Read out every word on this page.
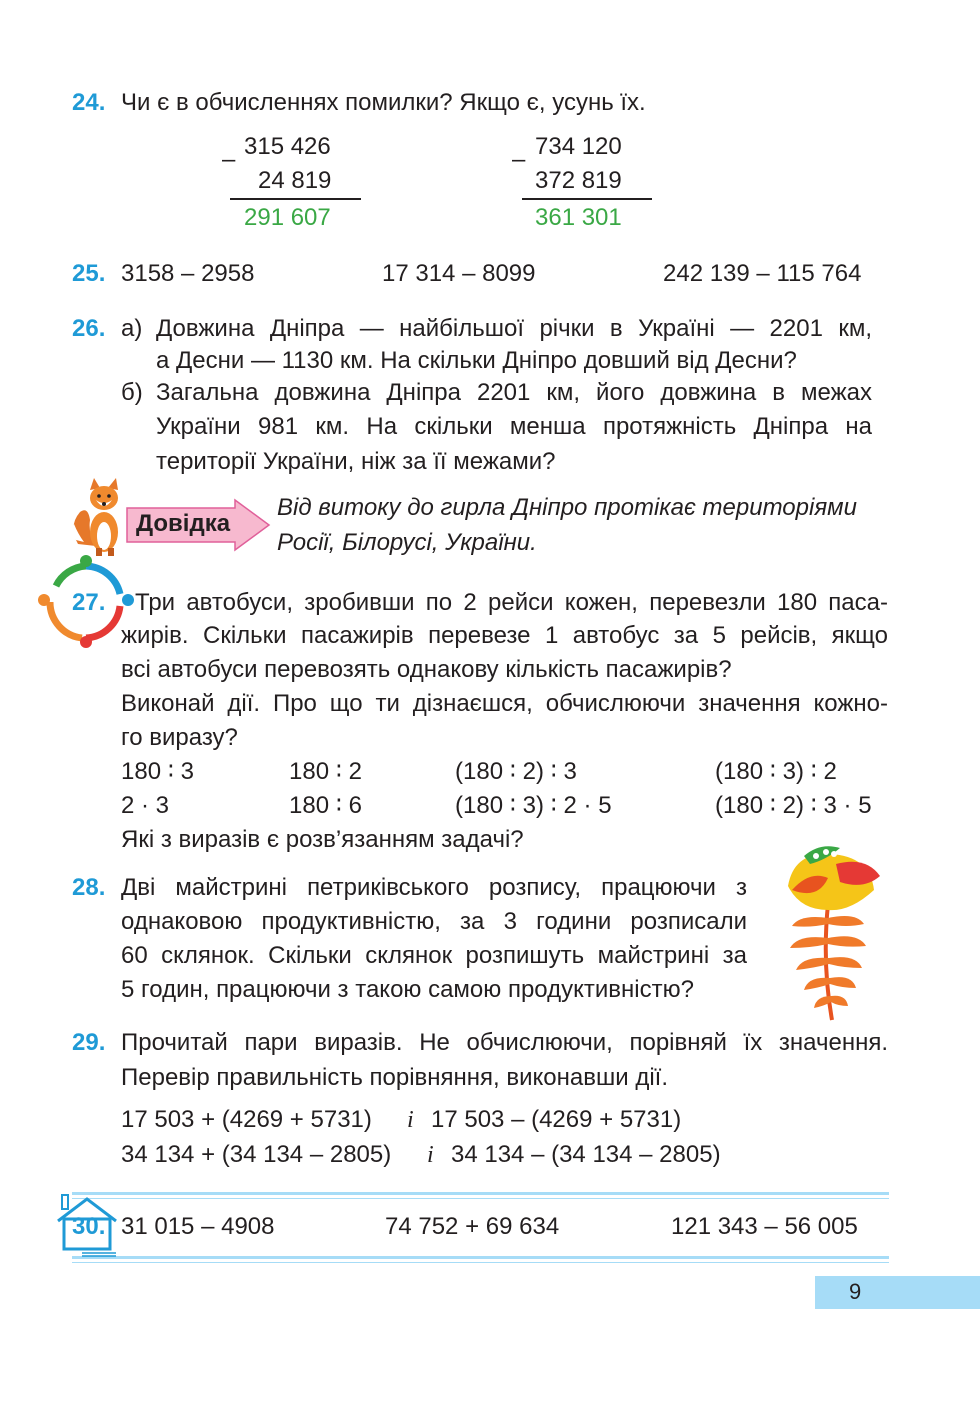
24. Чи є в обчисленнях помилки? Якщо є, усунь їх.
– 315 426
24 819
291 607
– 734 120
372 819
361 301
25. 3158 – 2958	17 314 – 8099	242 139 – 115 764
26. а) Довжина Дніпра — найбільшої річки в Україні — 2201 км,
а Десни — 1130 км. На скільки Дніпро довший від Десни?
б) Загальна довжина Дніпра 2201 км, його довжина в межах
України 981 км. На скільки менша протяжність Дніпра на
території України, ніж за її межами?
Довідка
Від витоку до гирла Дніпро протікає територіями
Росії, Білорусі, України.
27. Три автобуси, зробивши по 2 рейси кожен, перевезли 180 паса-
жирів. Скільки пасажирів перевезе 1 автобус за 5 рейсів, якщо
всі автобуси перевозять однакову кількість пасажирів?
Виконай дії. Про що ти дізнаєшся, обчислюючи значення кожно-
го виразу?
180 ∶ 3	180 ∶ 2	(180 ∶ 2) ∶ 3	(180 ∶ 3) ∶ 2
2 · 3	180 ∶ 6	(180 ∶ 3) ∶ 2 · 5	(180 ∶ 2) ∶ 3 · 5
Які з виразів є розв’язанням задачі?
28. Дві майстрині петриківського розпису, працюючи з
однаковою продуктивністю, за 3 години розписали
60 склянок. Скільки склянок розпишуть майстрині за
5 годин, працюючи з такою самою продуктивністю?
29. Прочитай пари виразів. Не обчислюючи, порівняй їх значення.
Перевір правильність порівняння, виконавши дії.
17 503 + (4269 + 5731) і 17 503 – (4269 + 5731)
34 134 + (34 134 – 2805) і 34 134 – (34 134 – 2805)
30. 31 015 – 4908	74 752 + 69 634	121 343 – 56 005
9
